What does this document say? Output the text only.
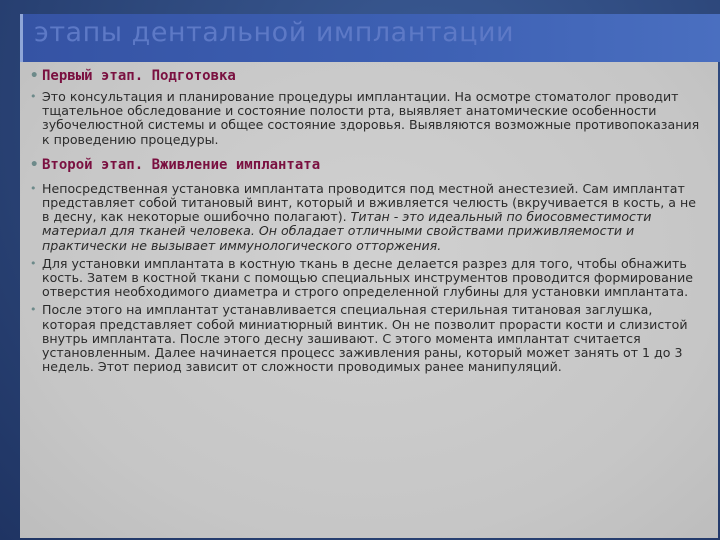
этапы дентальной имплантации
• Первый этап. Подготовка
• Это консультация и планирование процедуры имплантации. На осмотре стоматолог проводит тщательное обследование и состояние полости рта, выявляет анатомические особенности зубочелюстной системы и общее состояние здоровья. Выявляются возможные противопоказания к проведению процедуры.
• Второй этап. Вживление имплантата
• Непосредственная установка имплантата проводится под местной анестезией. Сам имплантат представляет собой титановый винт, который и вживляется челюсть (вкручивается в кость, а не в десну, как некоторые ошибочно полагают). Титан - это идеальный по биосовместимости материал для тканей человека. Он обладает отличными свойствами приживляемости и практически не вызывает иммунологического отторжения.
• Для установки имплантата в костную ткань в десне делается разрез для того, чтобы обнажить кость. Затем в костной ткани с помощью специальных инструментов проводится формирование отверстия необходимого диаметра и строго определенной глубины для установки имплантата.
• После этого на имплантат устанавливается специальная стерильная титановая заглушка, которая представляет собой миниатюрный винтик. Он не позволит прорасти кости и слизистой внутрь имплантата. После этого десну зашивают. С этого момента имплантат считается установленным. Далее начинается процесс заживления раны, который может занять от 1 до 3 недель. Этот период зависит от сложности проводимых ранее манипуляций.
